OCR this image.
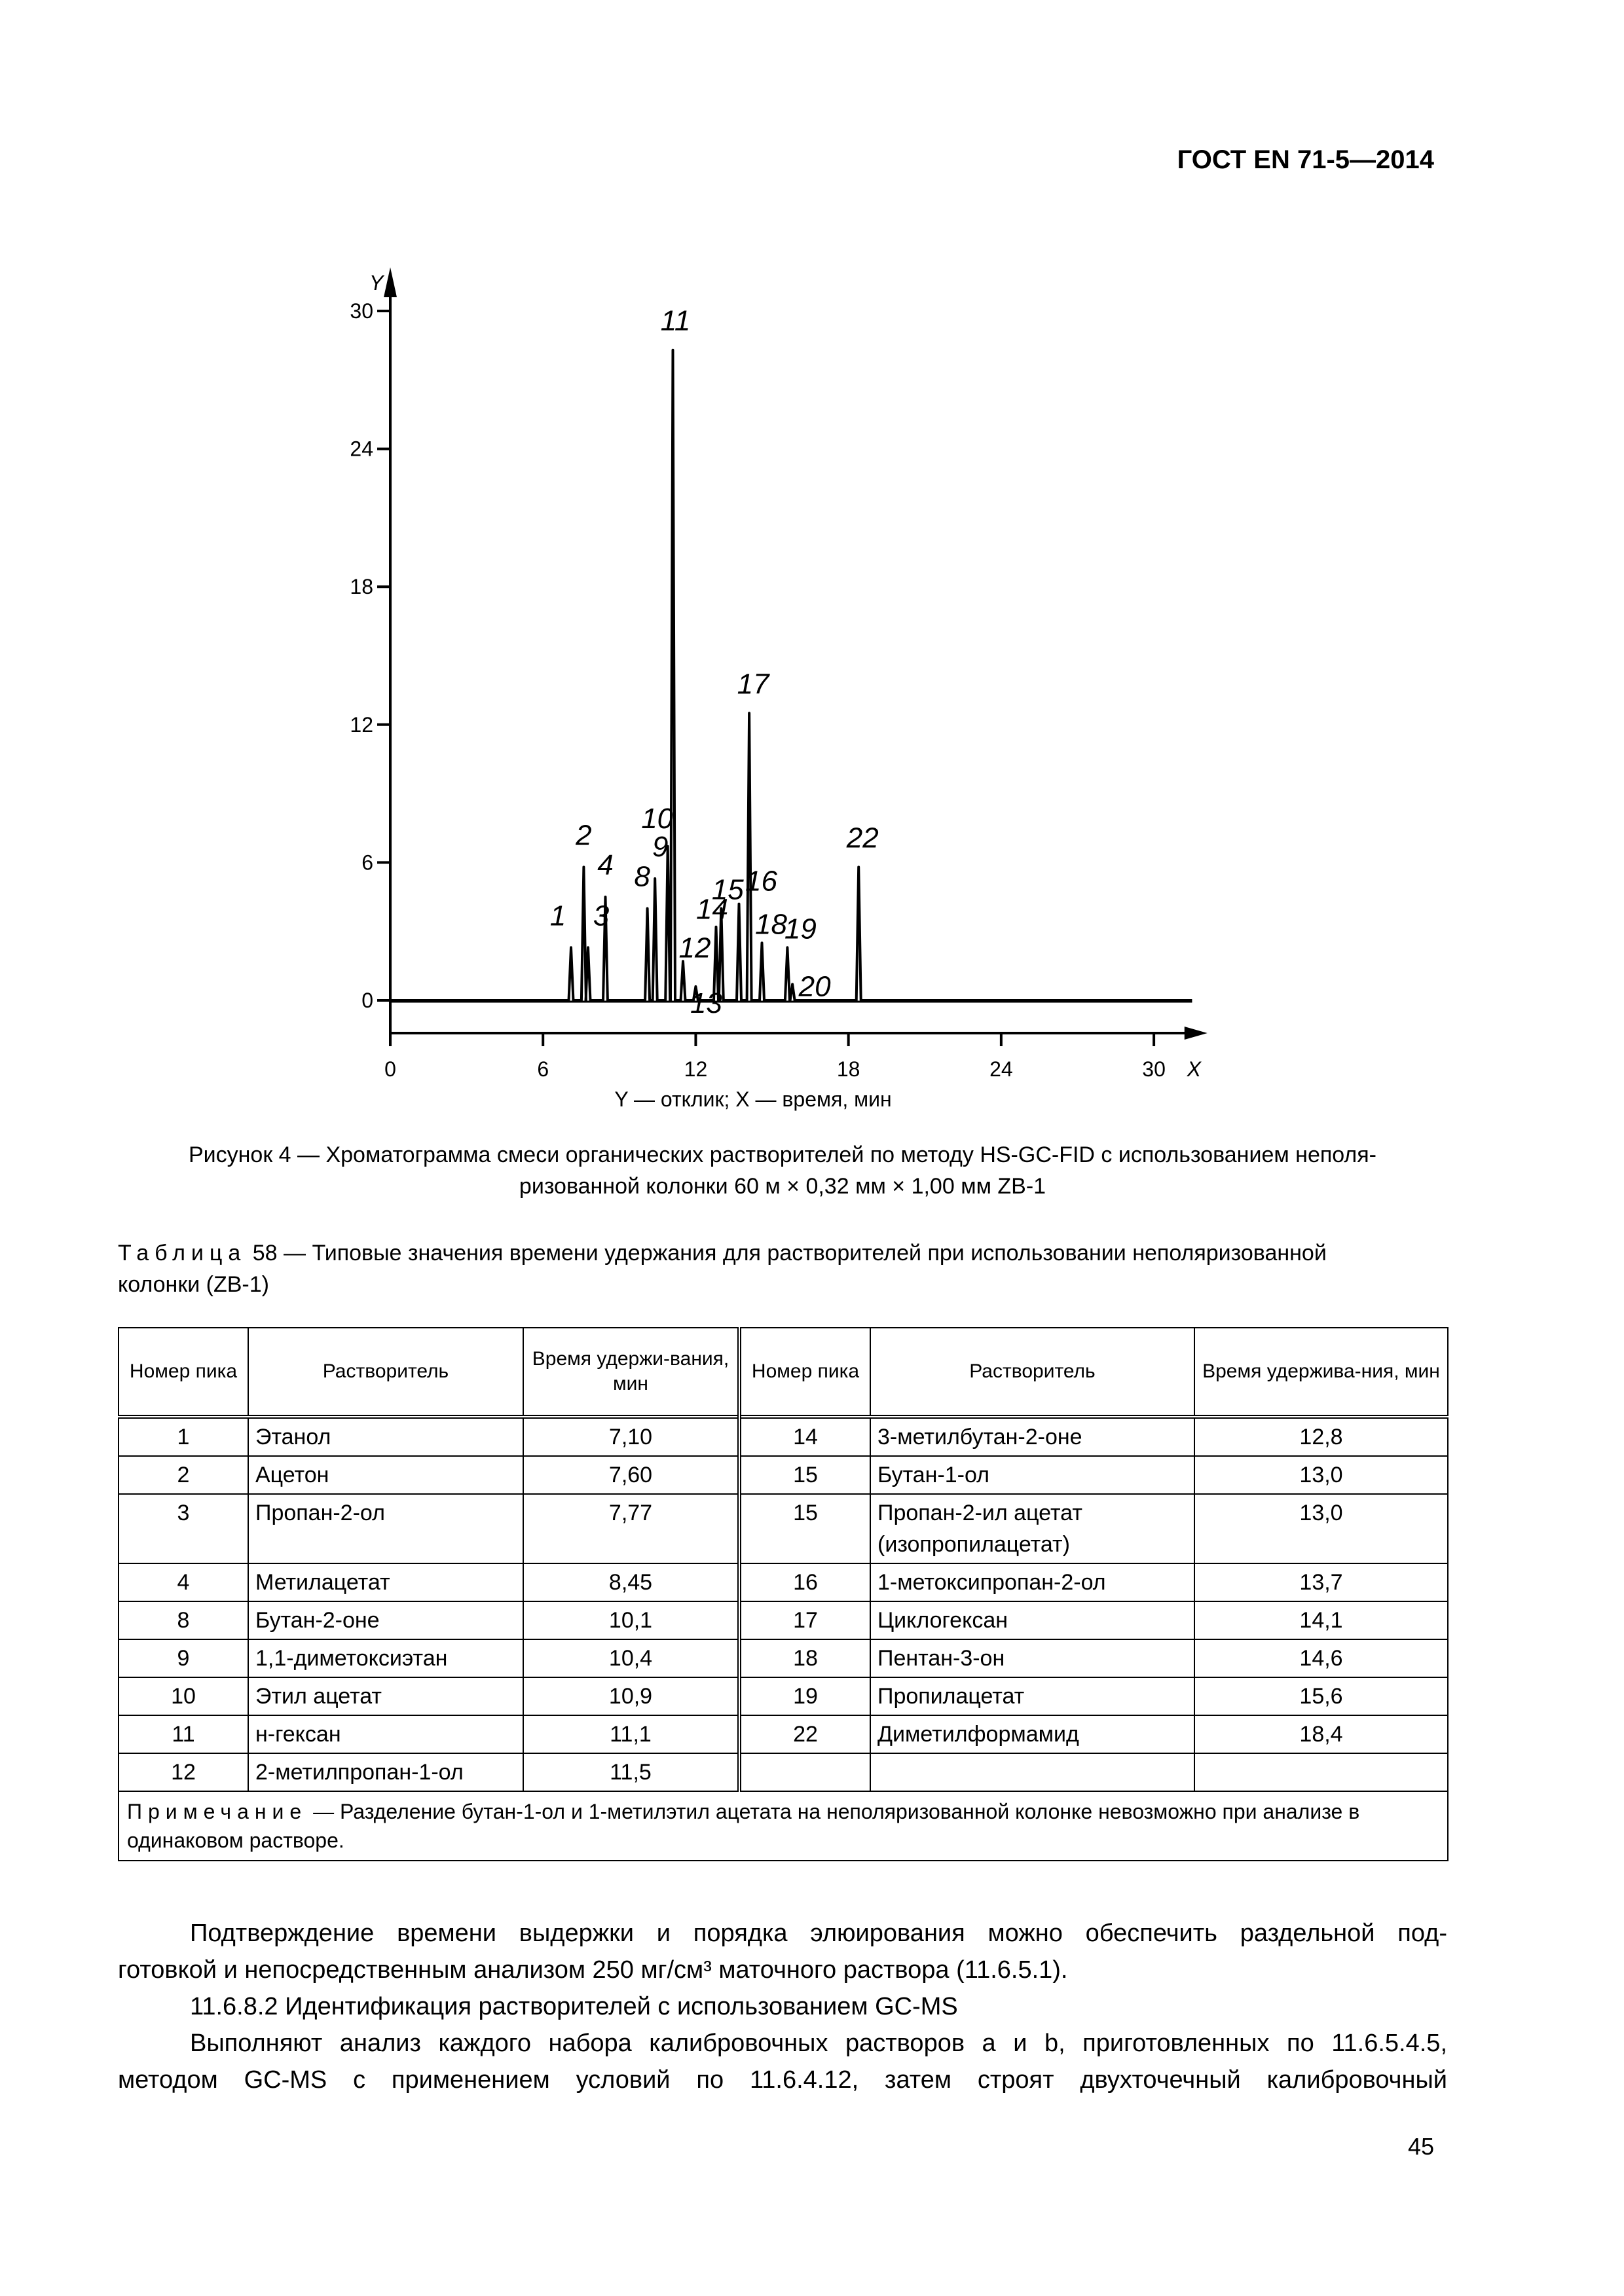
ГОСТ EN 71-5—2014
Y
X
0
6
12
18
24
30
0	6	12	18	24	30
1
2
3
4 8
9
10
11
12
13
14
15 16
17
18
19
20
22
Y — отклик; X — время, мин
Рисунок 4 — Хроматограмма смеси органических растворителей по методу HS-GC-FID с использованием неполя-
ризованной колонки 60 м × 0,32 мм × 1,00 мм ZB-1
Таблица 58 — Типовые значения времени удержания для растворителей при использовании неполяризованной
колонки (ZB-1)
Номер пика	Растворитель	Время удержи-вания, мин	Номер пика	Растворитель	Время удержива-ния, мин
1	Этанол	7,10	14	3-метилбутан-2-оне	12,8
2	Ацетон	7,60	15	Бутан-1-ол	13,0
3	Пропан-2-ол	7,77	15	Пропан-2-ил ацетат (изопропилацетат)	13,0
4	Метилацетат	8,45	16	1-метоксипропан-2-ол	13,7
8	Бутан-2-оне	10,1	17	Циклогексан	14,1
9	1,1-диметоксиэтан	10,4	18	Пентан-3-он	14,6
10	Этил ацетат	10,9	19	Пропилацетат	15,6
11	н-гексан	11,1	22	Диметилформамид	18,4
12	2-метилпропан-1-ол	11,5			
Примечание — Разделение бутан-1-ол и 1-метилэтил ацетата на неполяризованной колонке невозможно при анализе в одинаковом растворе.					
Подтверждение времени выдержки и порядка элюирования можно обеспечить раздельной под-
готовкой и непосредственным анализом 250 мг/см³ маточного раствора (11.6.5.1).
11.6.8.2 Идентификация растворителей с использованием GC-MS
Выполняют анализ каждого набора калибровочных растворов a и b, приготовленных по 11.6.5.4.5,
методом GC-MS с применением условий по 11.6.4.12, затем строят двухточечный калибровочный
45
